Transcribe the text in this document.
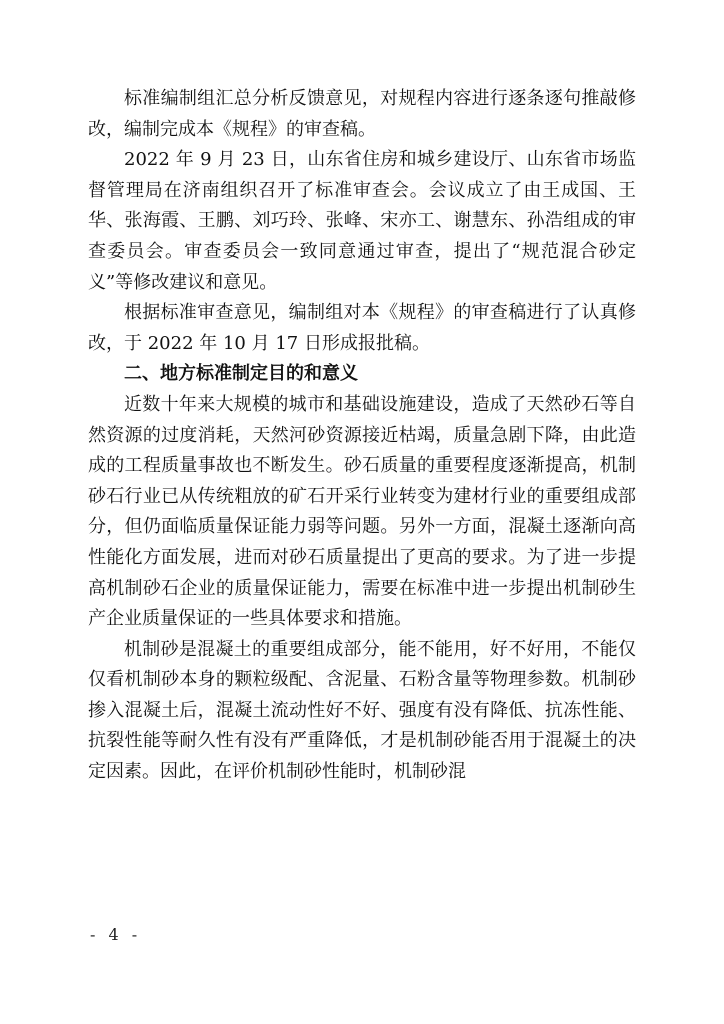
标准编制组汇总分析反馈意见，对规程内容进行逐条逐句推敲修改，编制完成本《规程》的审查稿。

2022 年 9 月 23 日，山东省住房和城乡建设厅、山东省市场监督管理局在济南组织召开了标准审查会。会议成立了由王成国、王华、张海霞、王鹏、刘巧玲、张峰、宋亦工、谢慧东、孙浩组成的审查委员会。审查委员会一致同意通过审查，提出了“规范混合砂定义”等修改建议和意见。

根据标准审查意见，编制组对本《规程》的审查稿进行了认真修改，于 2022 年 10 月 17 日形成报批稿。

二、地方标准制定目的和意义

近数十年来大规模的城市和基础设施建设，造成了天然砂石等自然资源的过度消耗，天然河砂资源接近枯竭，质量急剧下降，由此造成的工程质量事故也不断发生。砂石质量的重要程度逐渐提高，机制砂石行业已从传统粗放的矿石开采行业转变为建材行业的重要组成部分，但仍面临质量保证能力弱等问题。另外一方面，混凝土逐渐向高性能化方面发展，进而对砂石质量提出了更高的要求。为了进一步提高机制砂石企业的质量保证能力，需要在标准中进一步提出机制砂生产企业质量保证的一些具体要求和措施。

机制砂是混凝土的重要组成部分，能不能用，好不好用，不能仅仅看机制砂本身的颗粒级配、含泥量、石粉含量等物理参数。机制砂掺入混凝土后，混凝土流动性好不好、强度有没有降低、抗冻性能、抗裂性能等耐久性有没有严重降低，才是机制砂能否用于混凝土的决定因素。因此，在评价机制砂性能时，机制砂混

- 4 -
